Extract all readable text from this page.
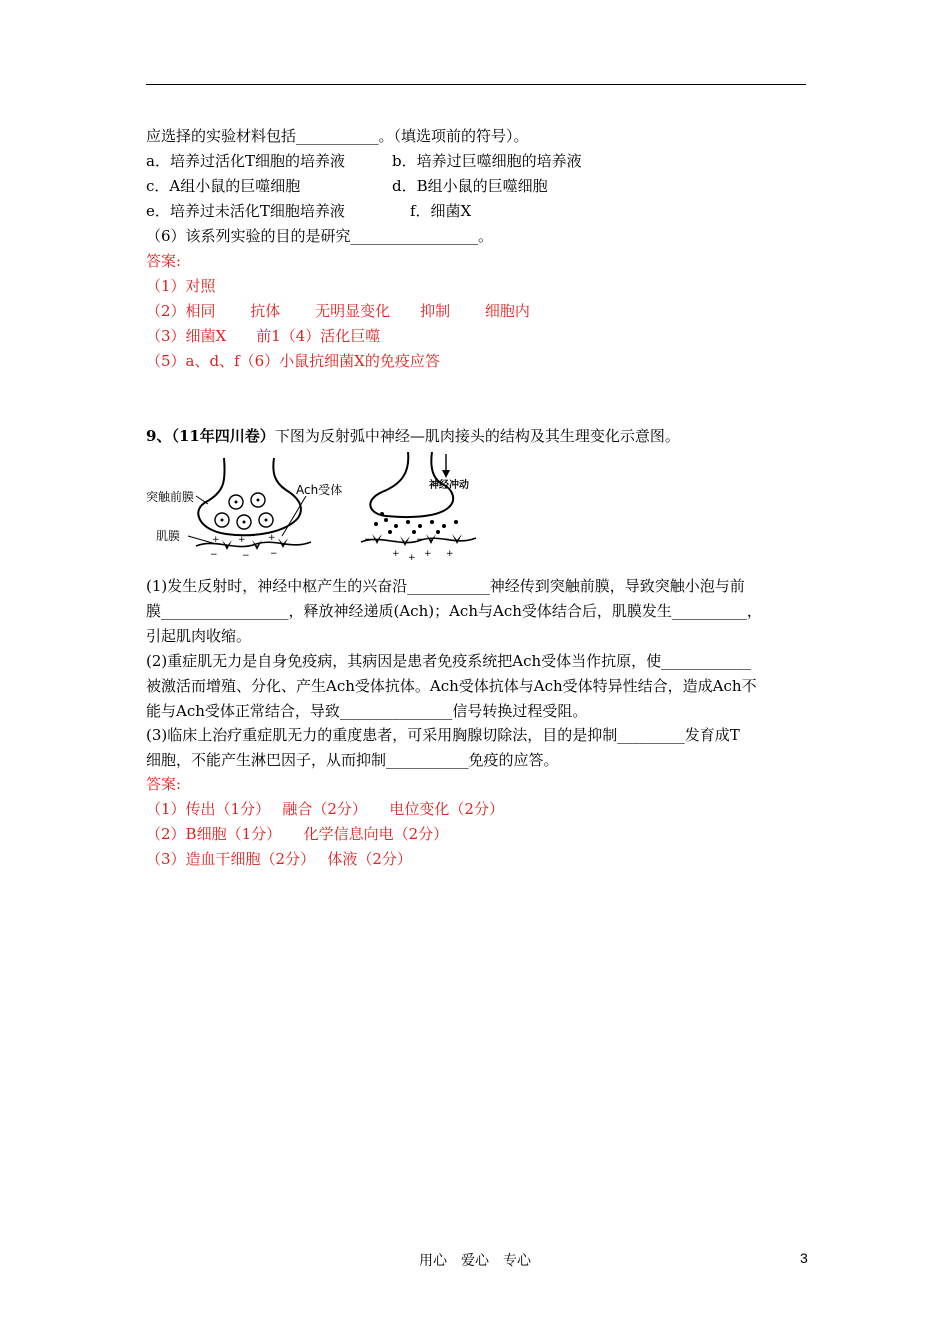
应选择的实验材料包括___________。（填选项前的符号）。
a．培养过活化T细胞的培养液	b．培养过巨噬细胞的培养液
c．A组小鼠的巨噬细胞	d．B组小鼠的巨噬细胞
e．培养过未活化T细胞培养液	f．细菌X
（6）该系列实验的目的是研究_________________。
答案:
（1）对照
（2）相同　　 抗体　　 无明显变化　　抑制　　 细胞内
（3）细菌X　　前1（4）活化巨噬
（5）a、d、f（6）小鼠抗细菌X的免疫应答
9、（11年四川卷）下图为反射弧中神经—肌肉接头的结构及其生理变化示意图。
+ + +
−	− −
突触前膜	Ach受体
肌膜
神经冲动
− − − −
+ + + +
(1)发生反射时，神经中枢产生的兴奋沿___________神经传到突触前膜，导致突触小泡与前
膜_________________，释放神经递质(Ach)；Ach与Ach受体结合后，肌膜发生__________，
引起肌肉收缩。
(2)重症肌无力是自身免疫病，其病因是患者免疫系统把Ach受体当作抗原，使____________
被激活而增殖、分化、产生Ach受体抗体。Ach受体抗体与Ach受体特异性结合，造成Ach不
能与Ach受体正常结合，导致_______________信号转换过程受阻。
(3)临床上治疗重症肌无力的重度患者，可采用胸腺切除法，目的是抑制_________发育成T
细胞，不能产生淋巴因子，从而抑制___________免疫的应答。
答案:
（1）传出（1分）　 融合（2分）　　电位变化（2分）
（2）B细胞（1分）　　化学信息向电（2分）
（3）造血干细胞（2分）　 体液（2分）
用心　爱心　专心	3
